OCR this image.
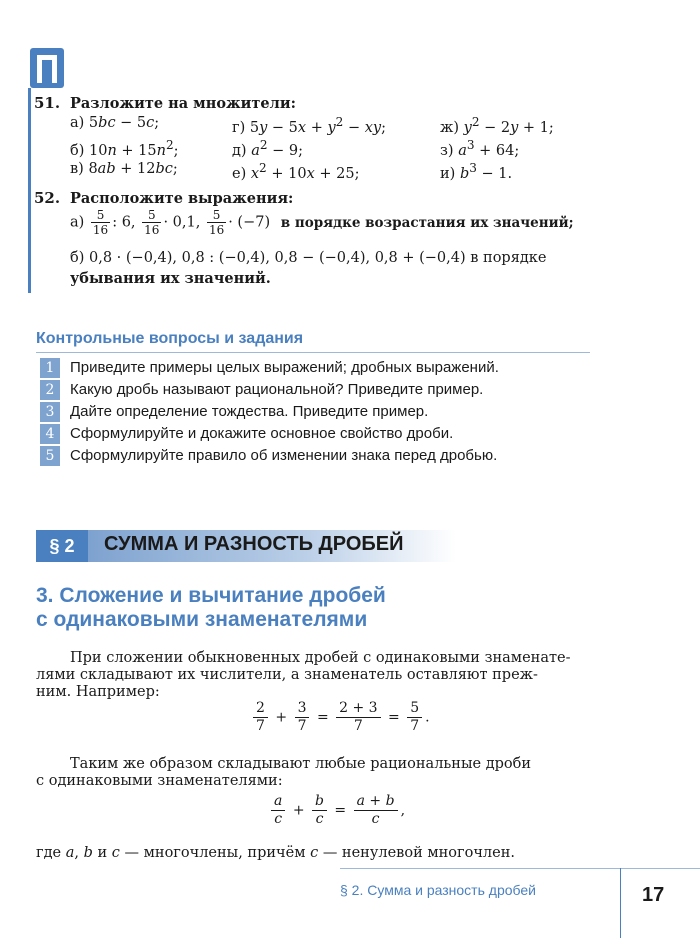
51. Разложите на множители:
а) 5bc − 5c;
б) $10n + 15n^2$;
в) 8ab + 12bc;
г) $5y - 5x + y^2$ − xy;
д) $a^2 - 9$;
е) $x^2 + 10x + 25$;
ж) $y^2 - 2y + 1$;
з) $a^3 + 64$;
и) $b^3 - 1$.
52. Расположите выражения:
$а) \frac{5}{16}$ : 6, $\frac{5}{16} \cdot 0,1$, $\frac{5}{16} \cdot (-7)$ в порядке возрастания их значений;
б) 0,8 · (−0,4), 0,8 : (−0,4), 0,8 − (−0,4), 0,8 + (−0,4) в порядке
убывания их значений.
Контрольные вопросы и задания
1	Приведите примеры целых выражений; дробных выражений.
2	Какую дробь называют рациональной? Приведите пример.
3	Дайте определение тождества. Приведите пример.
4	Сформулируйте и докажите основное свойство дроби.
5	Сформулируйте правило об изменении знака перед дробью.
§ 2	СУММА И РАЗНОСТЬ ДРОБЕЙ
3. Сложение и вычитание дробей
с одинаковыми знаменателями
При сложении обыкновенных дробей с одинаковыми знаменате-
лями складывают их числители, а знаменатель оставляют преж-
ним. Например:
$\frac{2}{7} + \frac{3}{7} = \frac{2 + 3}{7} = \frac{5}{7}$ .
Таким же образом складывают любые рациональные дроби
с одинаковыми знаменателями:
$\frac{a}{c} + \frac{b}{c} = \frac{a + b}{c}$ ,
где a, b и c — многочлены, причём c — ненулевой многочлен.
§ 2. Сумма и разность дробей	17
